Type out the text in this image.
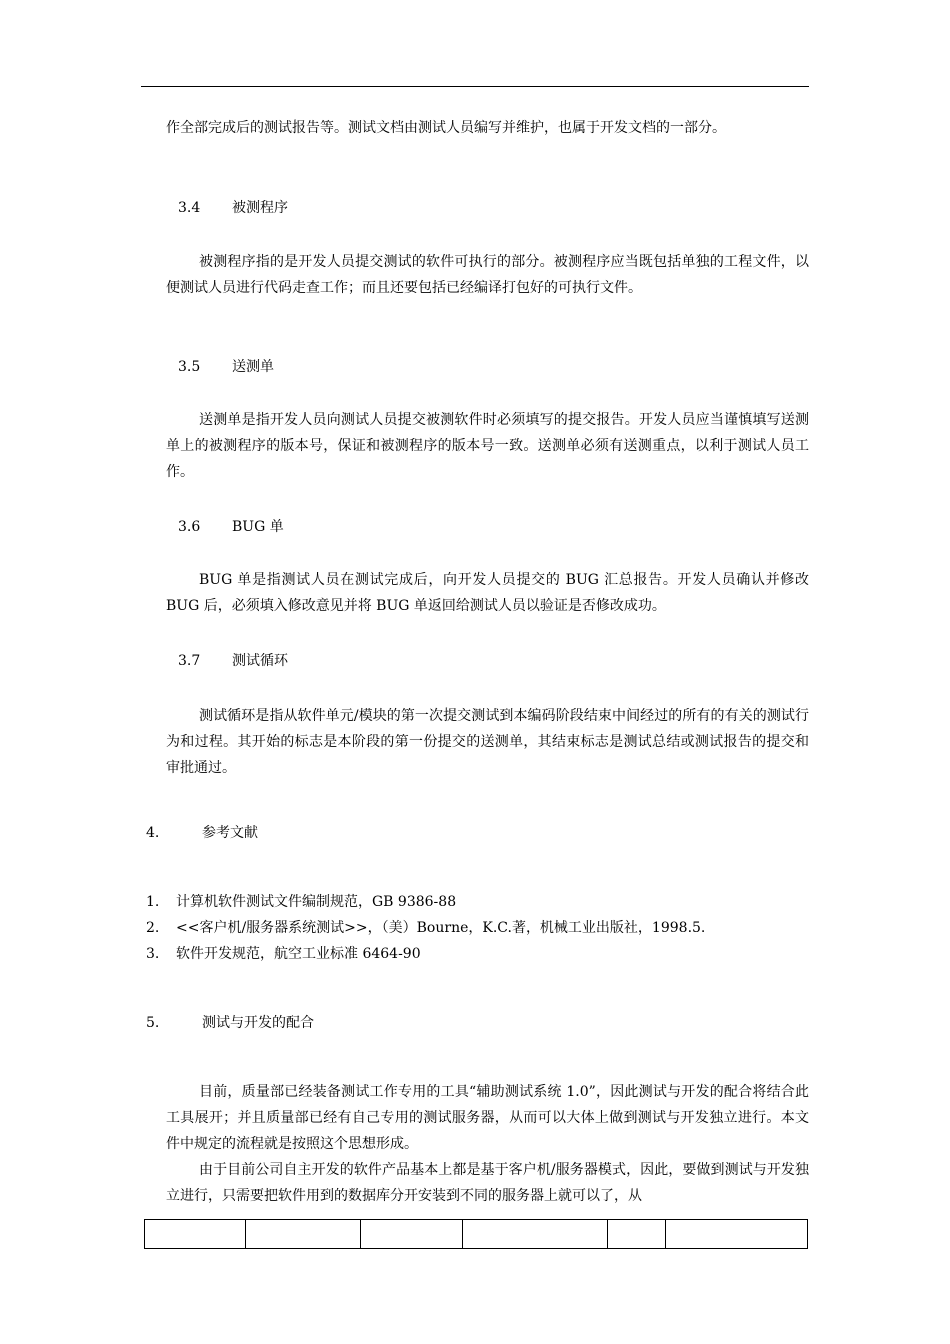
作全部完成后的测试报告等。测试文档由测试人员编写并维护，也属于开发文档的一部分。

3.4 被测程序

被测程序指的是开发人员提交测试的软件可执行的部分。被测程序应当既包括单独的工程文件，以便测试人员进行代码走查工作；而且还要包括已经编译打包好的可执行文件。

3.5 送测单

送测单是指开发人员向测试人员提交被测软件时必须填写的提交报告。开发人员应当谨慎填写送测单上的被测程序的版本号，保证和被测程序的版本号一致。送测单必须有送测重点，以利于测试人员工作。

3.6 BUG 单

BUG 单是指测试人员在测试完成后，向开发人员提交的 BUG 汇总报告。开发人员确认并修改 BUG 后，必须填入修改意见并将 BUG 单返回给测试人员以验证是否修改成功。

3.7 测试循环

测试循环是指从软件单元/模块的第一次提交测试到本编码阶段结束中间经过的所有的有关的测试行为和过程。其开始的标志是本阶段的第一份提交的送测单，其结束标志是测试总结或测试报告的提交和审批通过。

4.	参考文献

1. 计算机软件测试文件编制规范，GB 9386-88

2. <<客户机/服务器系统测试>>，（美）Bourne，K.C.著，机械工业出版社，1998.5.

3. 软件开发规范，航空工业标准 6464-90

5.	测试与开发的配合

目前，质量部已经装备测试工作专用的工具“辅助测试系统 1.0”，因此测试与开发的配合将结合此工具展开；并且质量部已经有自己专用的测试服务器，从而可以大体上做到测试与开发独立进行。本文件中规定的流程就是按照这个思想形成。

由于目前公司自主开发的软件产品基本上都是基于客户机/服务器模式，因此，要做到测试与开发独立进行，只需要把软件用到的数据库分开安装到不同的服务器上就可以了，从
